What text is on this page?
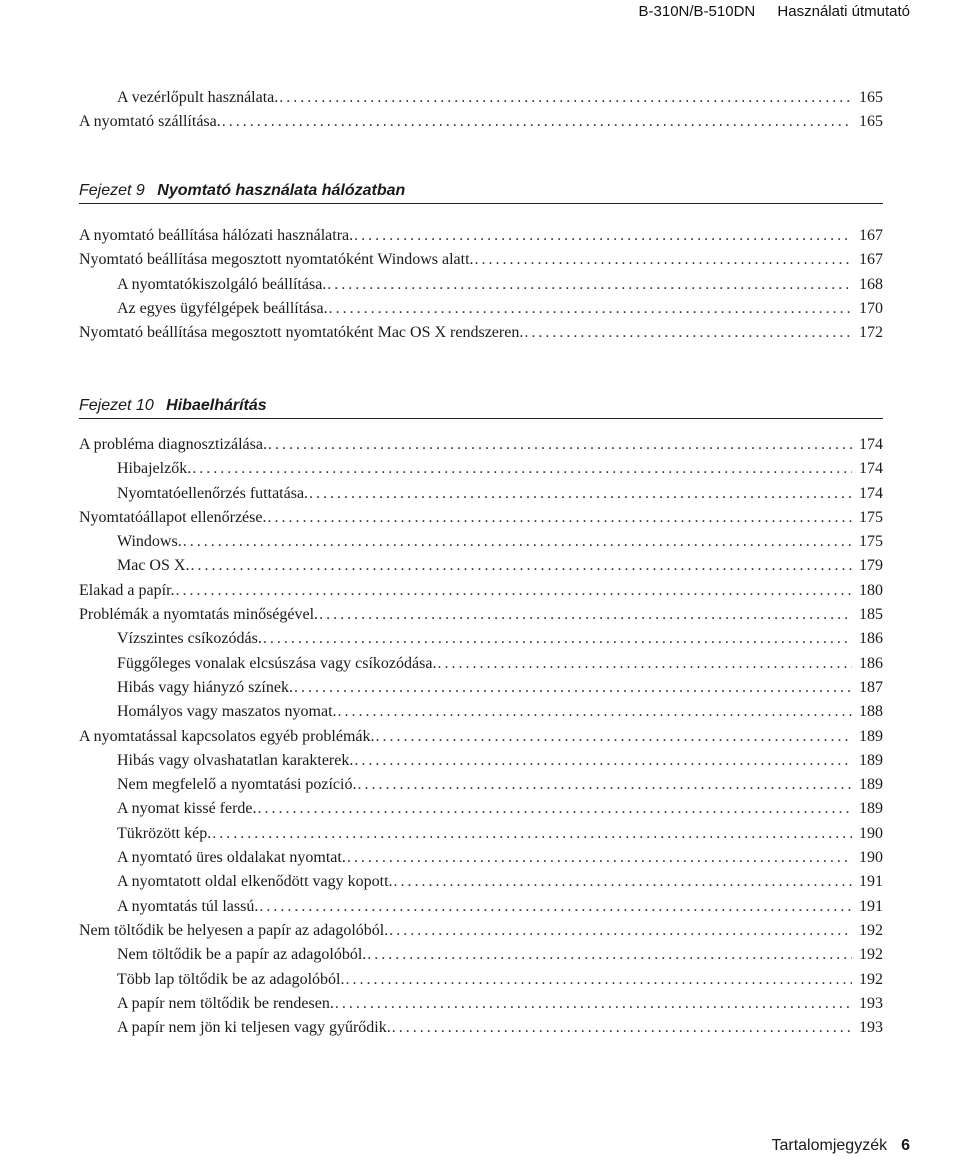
B-310N/B-510DN Használati útmutató
A vezérlőpult használata. . . .	165
A nyomtató szállítása. . . .	165
Fejezet 9 Nyomtató használata hálózatban
A nyomtató beállítása hálózati használatra. . . .	167
Nyomtató beállítása megosztott nyomtatóként Windows alatt. . . .	167
A nyomtatókiszolgáló beállítása. . . .	168
Az egyes ügyfélgépek beállítása. . . .	170
Nyomtató beállítása megosztott nyomtatóként Mac OS X rendszeren. . . .	172
Fejezet 10 Hibaelhárítás
A probléma diagnosztizálása. . . .	174
Hibajelzők. . . .	174
Nyomtatóellenőrzés futtatása. . . .	174
Nyomtatóállapot ellenőrzése. . . .	175
Windows. . . .	175
Mac OS X. . . .	179
Elakad a papír. . . .	180
Problémák a nyomtatás minőségével. . . .	185
Vízszintes csíkozódás. . . .	186
Függőleges vonalak elcsúszása vagy csíkozódása. . . .	186
Hibás vagy hiányzó színek. . . .	187
Homályos vagy maszatos nyomat. . . .	188
A nyomtatással kapcsolatos egyéb problémák. . . .	189
Hibás vagy olvashatatlan karakterek. . . .	189
Nem megfelelő a nyomtatási pozíció. . . .	189
A nyomat kissé ferde. . . .	189
Tükrözött kép. . . .	190
A nyomtató üres oldalakat nyomtat. . . .	190
A nyomtatott oldal elkenődött vagy kopott. . . .	191
A nyomtatás túl lassú. . . .	191
Nem töltődik be helyesen a papír az adagolóból. . . .	192
Nem töltődik be a papír az adagolóból. . . .	192
Több lap töltődik be az adagolóból. . . .	192
A papír nem töltődik be rendesen. . . .	193
A papír nem jön ki teljesen vagy gyűrődik. . . .	193
Tartalomjegyzék 6
